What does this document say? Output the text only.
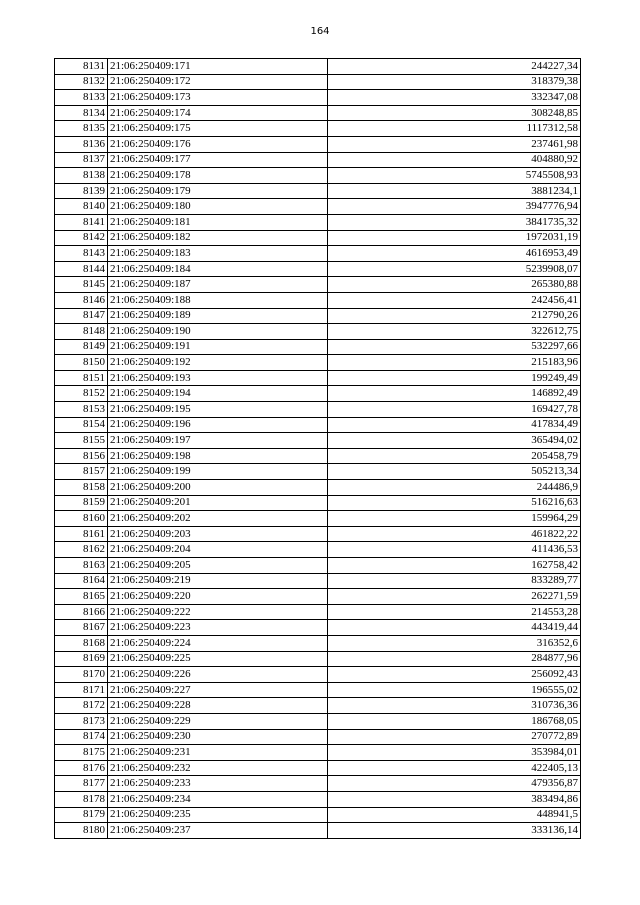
164
8131	21:06:250409:171	244227,34
8132	21:06:250409:172	318379,38
8133	21:06:250409:173	332347,08
8134	21:06:250409:174	308248,85
8135	21:06:250409:175	1117312,58
8136	21:06:250409:176	237461,98
8137	21:06:250409:177	404880,92
8138	21:06:250409:178	5745508,93
8139	21:06:250409:179	3881234,1
8140	21:06:250409:180	3947776,94
8141	21:06:250409:181	3841735,32
8142	21:06:250409:182	1972031,19
8143	21:06:250409:183	4616953,49
8144	21:06:250409:184	5239908,07
8145	21:06:250409:187	265380,88
8146	21:06:250409:188	242456,41
8147	21:06:250409:189	212790,26
8148	21:06:250409:190	322612,75
8149	21:06:250409:191	532297,66
8150	21:06:250409:192	215183,96
8151	21:06:250409:193	199249,49
8152	21:06:250409:194	146892,49
8153	21:06:250409:195	169427,78
8154	21:06:250409:196	417834,49
8155	21:06:250409:197	365494,02
8156	21:06:250409:198	205458,79
8157	21:06:250409:199	505213,34
8158	21:06:250409:200	244486,9
8159	21:06:250409:201	516216,63
8160	21:06:250409:202	159964,29
8161	21:06:250409:203	461822,22
8162	21:06:250409:204	411436,53
8163	21:06:250409:205	162758,42
8164	21:06:250409:219	833289,77
8165	21:06:250409:220	262271,59
8166	21:06:250409:222	214553,28
8167	21:06:250409:223	443419,44
8168	21:06:250409:224	316352,6
8169	21:06:250409:225	284877,96
8170	21:06:250409:226	256092,43
8171	21:06:250409:227	196555,02
8172	21:06:250409:228	310736,36
8173	21:06:250409:229	186768,05
8174	21:06:250409:230	270772,89
8175	21:06:250409:231	353984,01
8176	21:06:250409:232	422405,13
8177	21:06:250409:233	479356,87
8178	21:06:250409:234	383494,86
8179	21:06:250409:235	448941,5
8180	21:06:250409:237	333136,14
